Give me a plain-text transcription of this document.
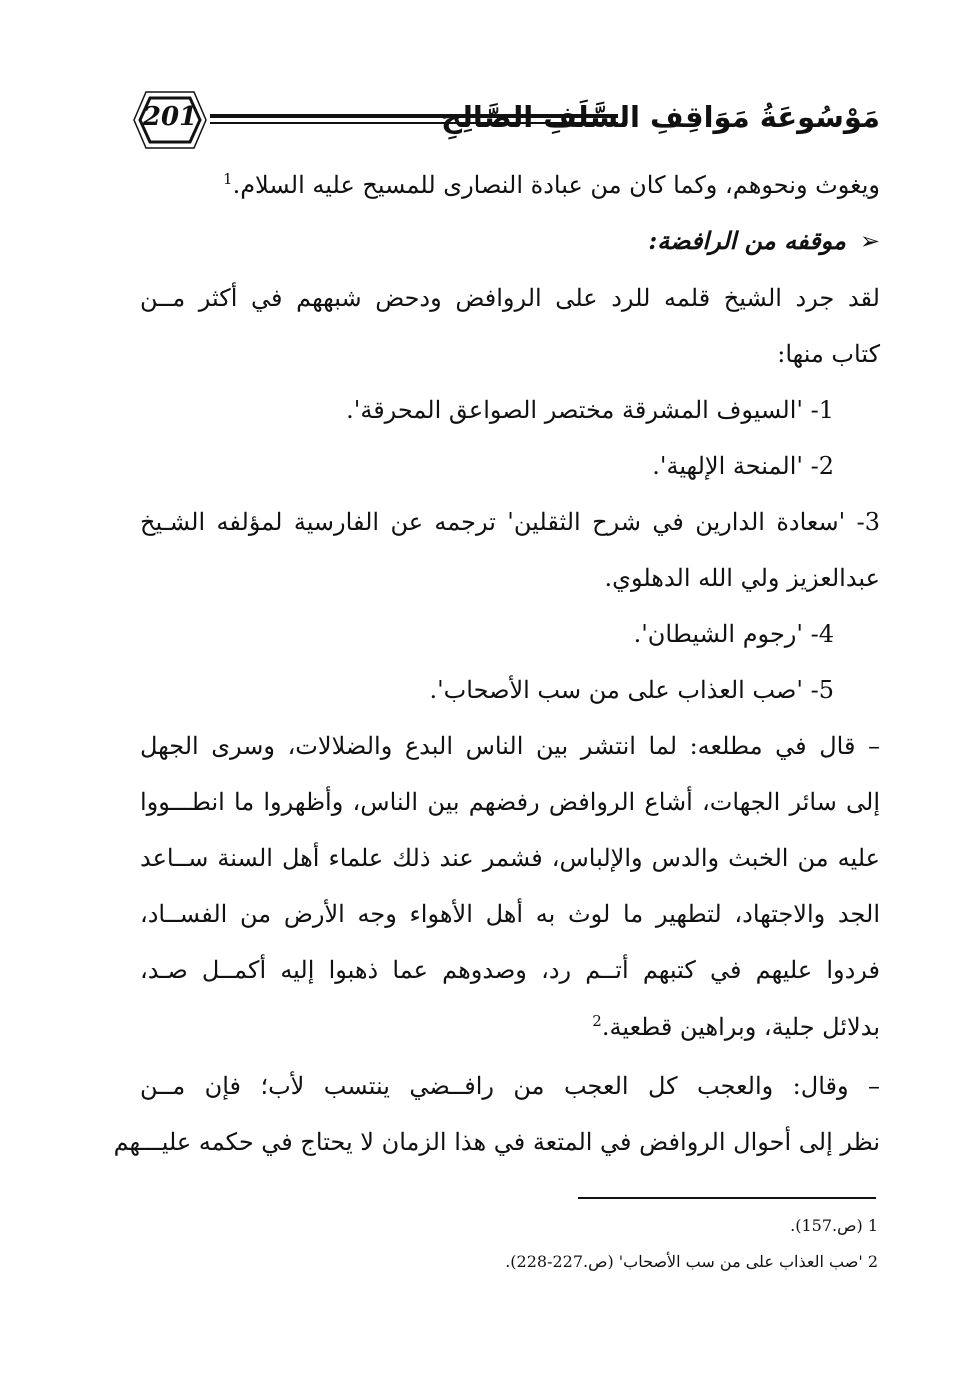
201	مَوْسُوعَةُ مَوَاقِفِ السَّلَفِ الصَّالِحِ
ويغوث ونحوهم، وكما كان من عبادة النصارى للمسيح عليه السلام.$^1$
➢موقفه من الرافضة:
لقد جرد الشيخ قلمه للرد على الروافض ودحض شبههم في أكثر مــن
كتاب منها:
1- 'السيوف المشرقة مختصر الصواعق المحرقة'.
2- 'المنحة الإلهية'.
3- 'سعادة الدارين في شرح الثقلين' ترجمه عن الفارسية لمؤلفه الشـيخ
عبدالعزيز ولي الله الدهلوي.
4- 'رجوم الشيطان'.
5- 'صب العذاب على من سب الأصحاب'.
– قال في مطلعه: لما انتشر بين الناس البدع والضلالات، وسرى الجهل
إلى سائر الجهات، أشاع الروافض رفضهم بين الناس، وأظهروا ما انطـــووا
عليه من الخبث والدس والإلباس، فشمر عند ذلك علماء أهل السنة ســاعد
الجد والاجتهاد، لتطهير ما لوث به أهل الأهواء وجه الأرض من الفســاد،
فردوا عليهم في كتبهم أتــم رد، وصدوهم عما ذهبوا إليه أكمــل صـد،
بدلائل جلية، وبراهين قطعية.$^2$
– وقال: والعجب كل العجب من رافــضي ينتسب لأب؛ فإن مــن
نظر إلى أحوال الروافض في المتعة في هذا الزمان لا يحتاج في حكمه عليـــهم
1 (ص.157).
2 'صب العذاب على من سب الأصحاب' (ص.227-228).
